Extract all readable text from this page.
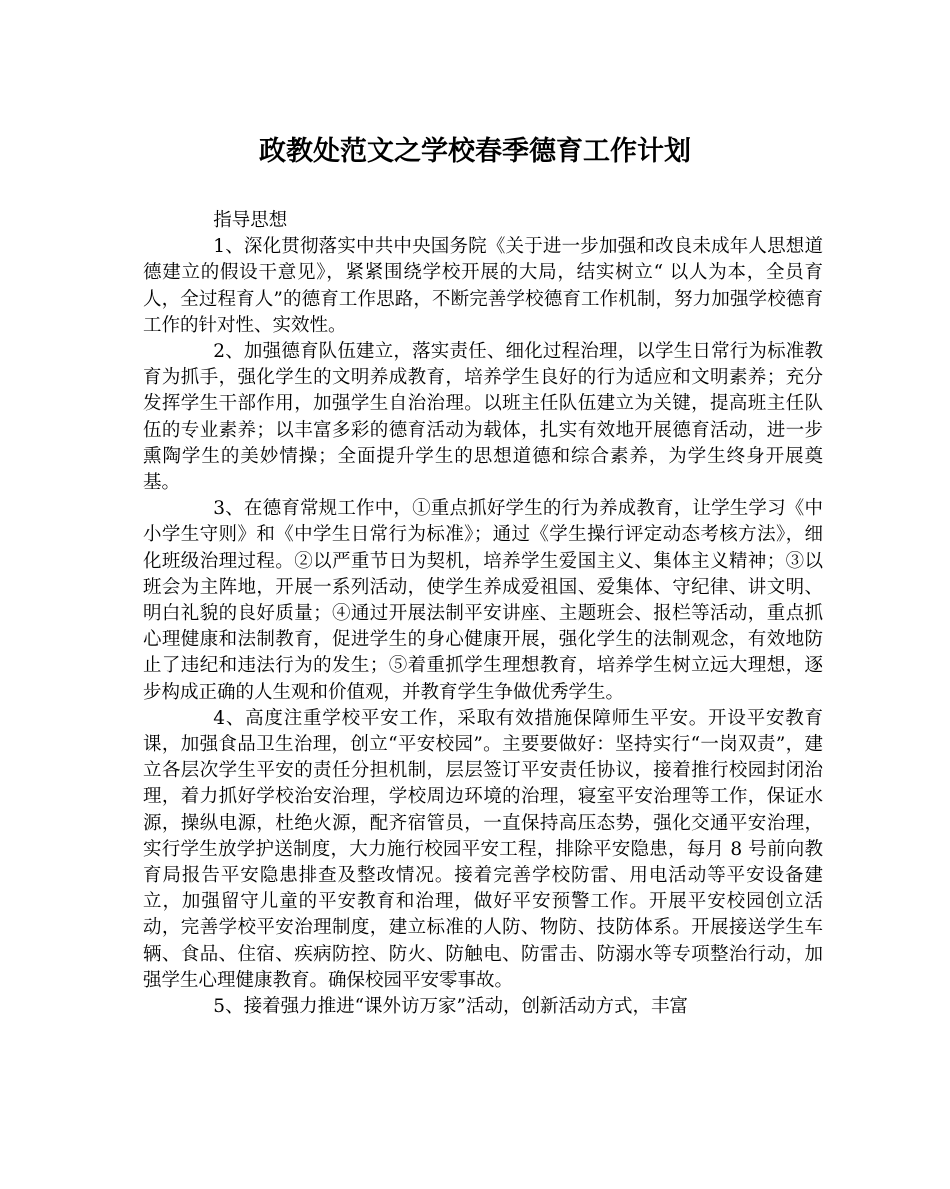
政教处范文之学校春季德育工作计划

指导思想

1、深化贯彻落实中共中央国务院《关于进一步加强和改良未成年人思想道德建立的假设干意见》，紧紧围绕学校开展的大局，结实树立“ 以人为本，全员育人，全过程育人”的德育工作思路，不断完善学校德育工作机制，努力加强学校德育工作的针对性、实效性。

2、加强德育队伍建立，落实责任、细化过程治理，以学生日常行为标准教育为抓手，强化学生的文明养成教育，培养学生良好的行为适应和文明素养；充分发挥学生干部作用，加强学生自治治理。以班主任队伍建立为关键，提高班主任队伍的专业素养；以丰富多彩的德育活动为载体，扎实有效地开展德育活动，进一步熏陶学生的美妙情操；全面提升学生的思想道德和综合素养，为学生终身开展奠基。

3、在德育常规工作中，①重点抓好学生的行为养成教育，让学生学习《中小学生守则》和《中学生日常行为标准》；通过《学生操行评定动态考核方法》，细化班级治理过程。②以严重节日为契机，培养学生爱国主义、集体主义精神；③以班会为主阵地，开展一系列活动，使学生养成爱祖国、爱集体、守纪律、讲文明、明白礼貌的良好质量；④通过开展法制平安讲座、主题班会、报栏等活动，重点抓心理健康和法制教育，促进学生的身心健康开展，强化学生的法制观念，有效地防止了违纪和违法行为的发生；⑤着重抓学生理想教育，培养学生树立远大理想，逐步构成正确的人生观和价值观，并教育学生争做优秀学生。

4、高度注重学校平安工作，采取有效措施保障师生平安。开设平安教育课，加强食品卫生治理，创立“平安校园”。主要要做好：坚持实行“一岗双责”，建立各层次学生平安的责任分担机制，层层签订平安责任协议，接着推行校园封闭治理，着力抓好学校治安治理，学校周边环境的治理，寝室平安治理等工作，保证水源，操纵电源，杜绝火源，配齐宿管员，一直保持高压态势，强化交通平安治理，实行学生放学护送制度，大力施行校园平安工程，排除平安隐患，每月 8 号前向教育局报告平安隐患排查及整改情况。接着完善学校防雷、用电活动等平安设备建立，加强留守儿童的平安教育和治理，做好平安预警工作。开展平安校园创立活动，完善学校平安治理制度，建立标准的人防、物防、技防体系。开展接送学生车辆、食品、住宿、疾病防控、防火、防触电、防雷击、防溺水等专项整治行动，加强学生心理健康教育。确保校园平安零事故。

5、接着强力推进“课外访万家”活动，创新活动方式，丰富
